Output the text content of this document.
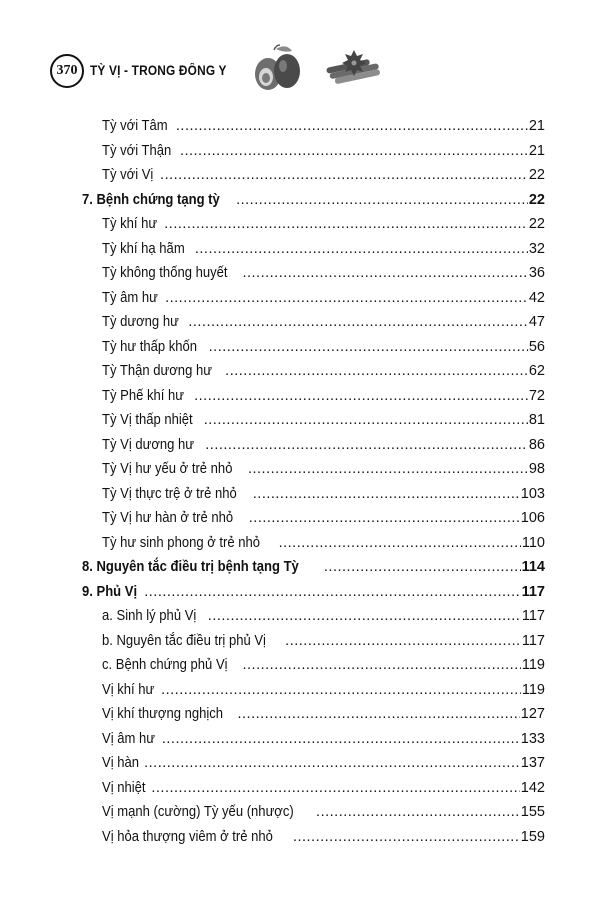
370 TỲ VỊ - TRONG ĐÔNG Y
Tỳ với Tâm .....	21
Tỳ với Thận .....	21
Tỳ với Vị .....	22
7. Bệnh chứng tạng tỳ .....	22
Tỳ khí hư .....	22
Tỳ khí hạ hãm .....	32
Tỳ không thống huyết .....	36
Tỳ âm hư .....	42
Tỳ dương hư .....	47
Tỳ hư thấp khốn .....	56
Tỳ Thận dương hư .....	62
Tỳ Phế khí hư .....	72
Tỳ Vị thấp nhiệt .....	81
Tỳ Vị dương hư .....	86
Tỳ Vị hư yếu ở trẻ nhỏ .....	98
Tỳ Vị thực trệ ở trẻ nhỏ .....	103
Tỳ Vị hư hàn ở trẻ nhỏ .....	106
Tỳ hư sinh phong ở trẻ nhỏ .....	110
8. Nguyên tắc điều trị bệnh tạng Tỳ .....	114
9. Phủ Vị .....	117
a. Sinh lý phủ Vị .....	117
b. Nguyên tắc điều trị phủ Vị .....	117
c. Bệnh chứng phủ Vị .....	119
Vị khí hư .....	119
Vị khí thượng nghịch .....	127
Vị âm hư .....	133
Vị hàn .....	137
Vị nhiệt .....	142
Vị mạnh (cường) Tỳ yếu (nhược) .....	155
Vị hỏa thượng viêm ở trẻ nhỏ .....	159
